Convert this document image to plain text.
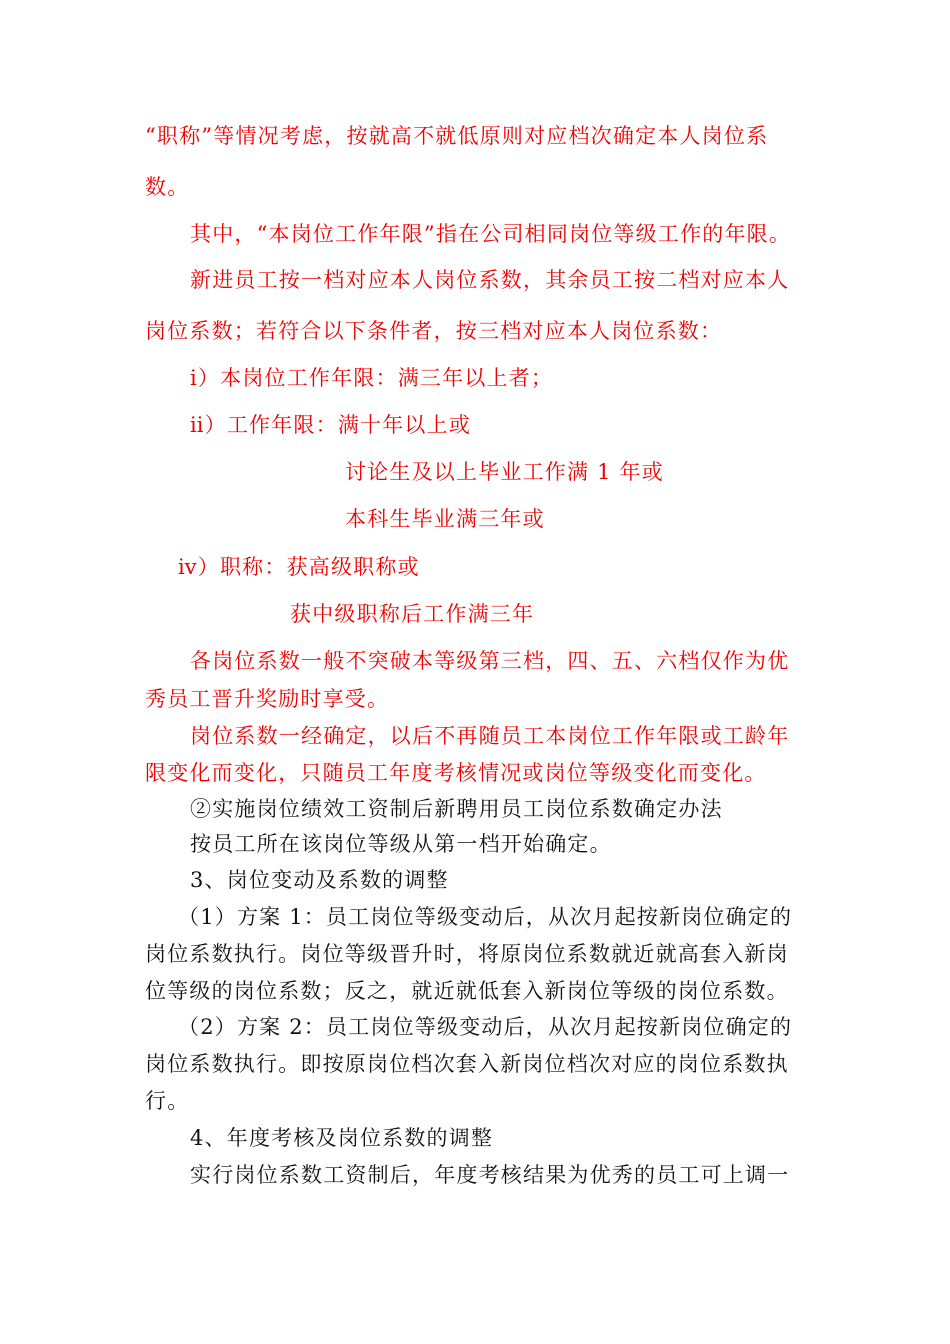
“职称”等情况考虑，按就高不就低原则对应档次确定本人岗位系
数。
其中，“本岗位工作年限”指在公司相同岗位等级工作的年限。
新进员工按一档对应本人岗位系数，其余员工按二档对应本人
岗位系数；若符合以下条件者，按三档对应本人岗位系数：
ⅰ）本岗位工作年限：满三年以上者；
ⅱ）工作年限：满十年以上或
讨论生及以上毕业工作满 1 年或
本科生毕业满三年或
ⅳ）职称：获高级职称或
获中级职称后工作满三年
各岗位系数一般不突破本等级第三档，四、五、六档仅作为优
秀员工晋升奖励时享受。
岗位系数一经确定，以后不再随员工本岗位工作年限或工龄年
限变化而变化，只随员工年度考核情况或岗位等级变化而变化。
②实施岗位绩效工资制后新聘用员工岗位系数确定办法
按员工所在该岗位等级从第一档开始确定。
3、岗位变动及系数的调整
（1）方案 1：员工岗位等级变动后，从次月起按新岗位确定的
岗位系数执行。岗位等级晋升时，将原岗位系数就近就高套入新岗
位等级的岗位系数；反之，就近就低套入新岗位等级的岗位系数。
（2）方案 2：员工岗位等级变动后，从次月起按新岗位确定的
岗位系数执行。即按原岗位档次套入新岗位档次对应的岗位系数执
行。
4、年度考核及岗位系数的调整
实行岗位系数工资制后，年度考核结果为优秀的员工可上调一
